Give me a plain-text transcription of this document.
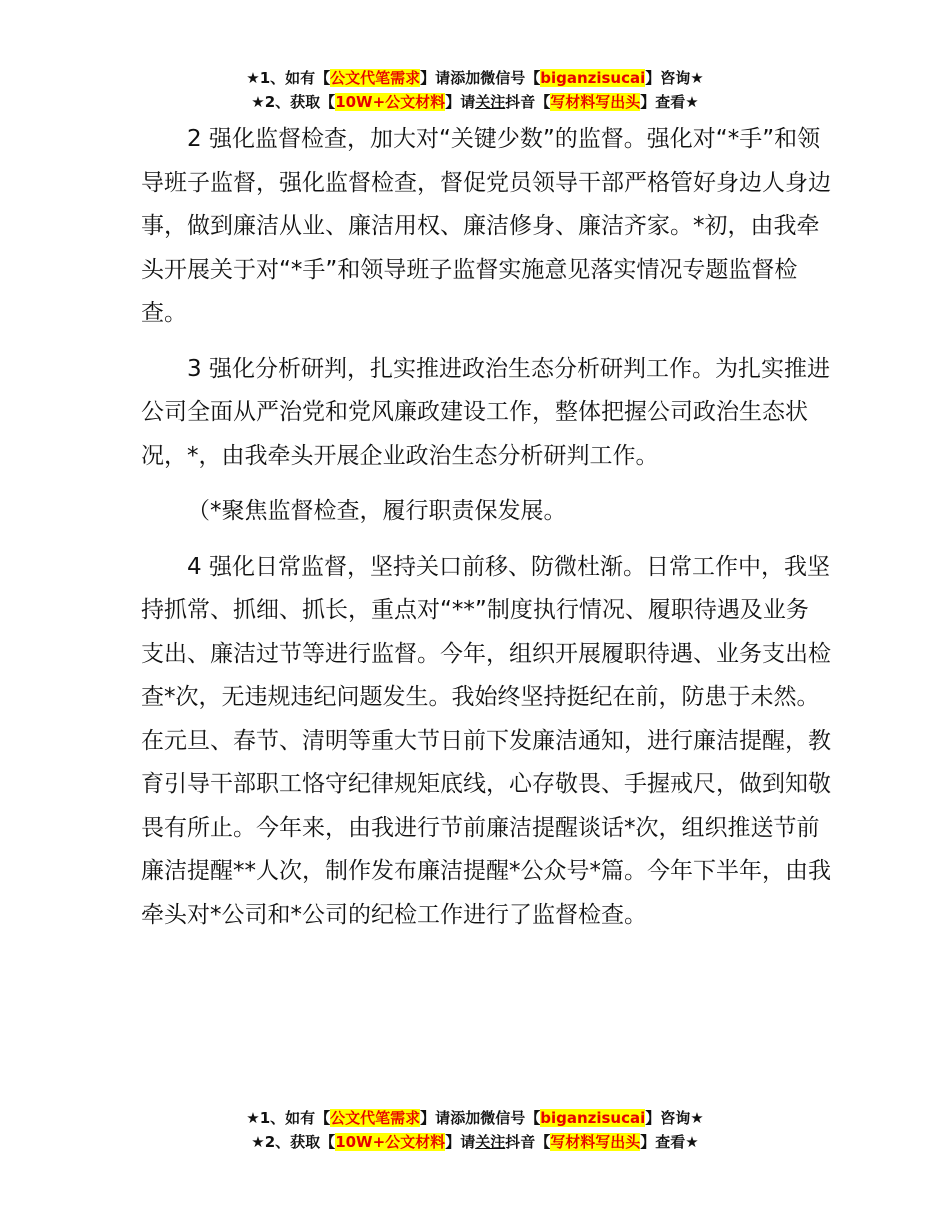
★1、如有【公文代笔需求】请添加微信号【biganzisucai】咨询★
★2、获取【10W+公文材料】请关注抖音【写材料写出头】查看★

2 强化监督检查，加大对“关键少数”的监督。强化对“*手”和领导班子监督，强化监督检查，督促党员领导干部严格管好身边人身边事，做到廉洁从业、廉洁用权、廉洁修身、廉洁齐家。*初，由我牵头开展关于对“*手”和领导班子监督实施意见落实情况专题监督检查。

3 强化分析研判，扎实推进政治生态分析研判工作。为扎实推进公司全面从严治党和党风廉政建设工作，整体把握公司政治生态状况，*，由我牵头开展企业政治生态分析研判工作。

（*聚焦监督检查，履行职责保发展。

4 强化日常监督，坚持关口前移、防微杜渐。日常工作中，我坚持抓常、抓细、抓长，重点对“**”制度执行情况、履职待遇及业务支出、廉洁过节等进行监督。今年，组织开展履职待遇、业务支出检查*次，无违规违纪问题发生。我始终坚持挺纪在前，防患于未然。在元旦、春节、清明等重大节日前下发廉洁通知，进行廉洁提醒，教育引导干部职工恪守纪律规矩底线，心存敬畏、手握戒尺，做到知敬畏有所止。今年来，由我进行节前廉洁提醒谈话*次，组织推送节前廉洁提醒**人次，制作发布廉洁提醒*公众号*篇。今年下半年，由我牵头对*公司和*公司的纪检工作进行了监督检查。

★1、如有【公文代笔需求】请添加微信号【biganzisucai】咨询★
★2、获取【10W+公文材料】请关注抖音【写材料写出头】查看★
